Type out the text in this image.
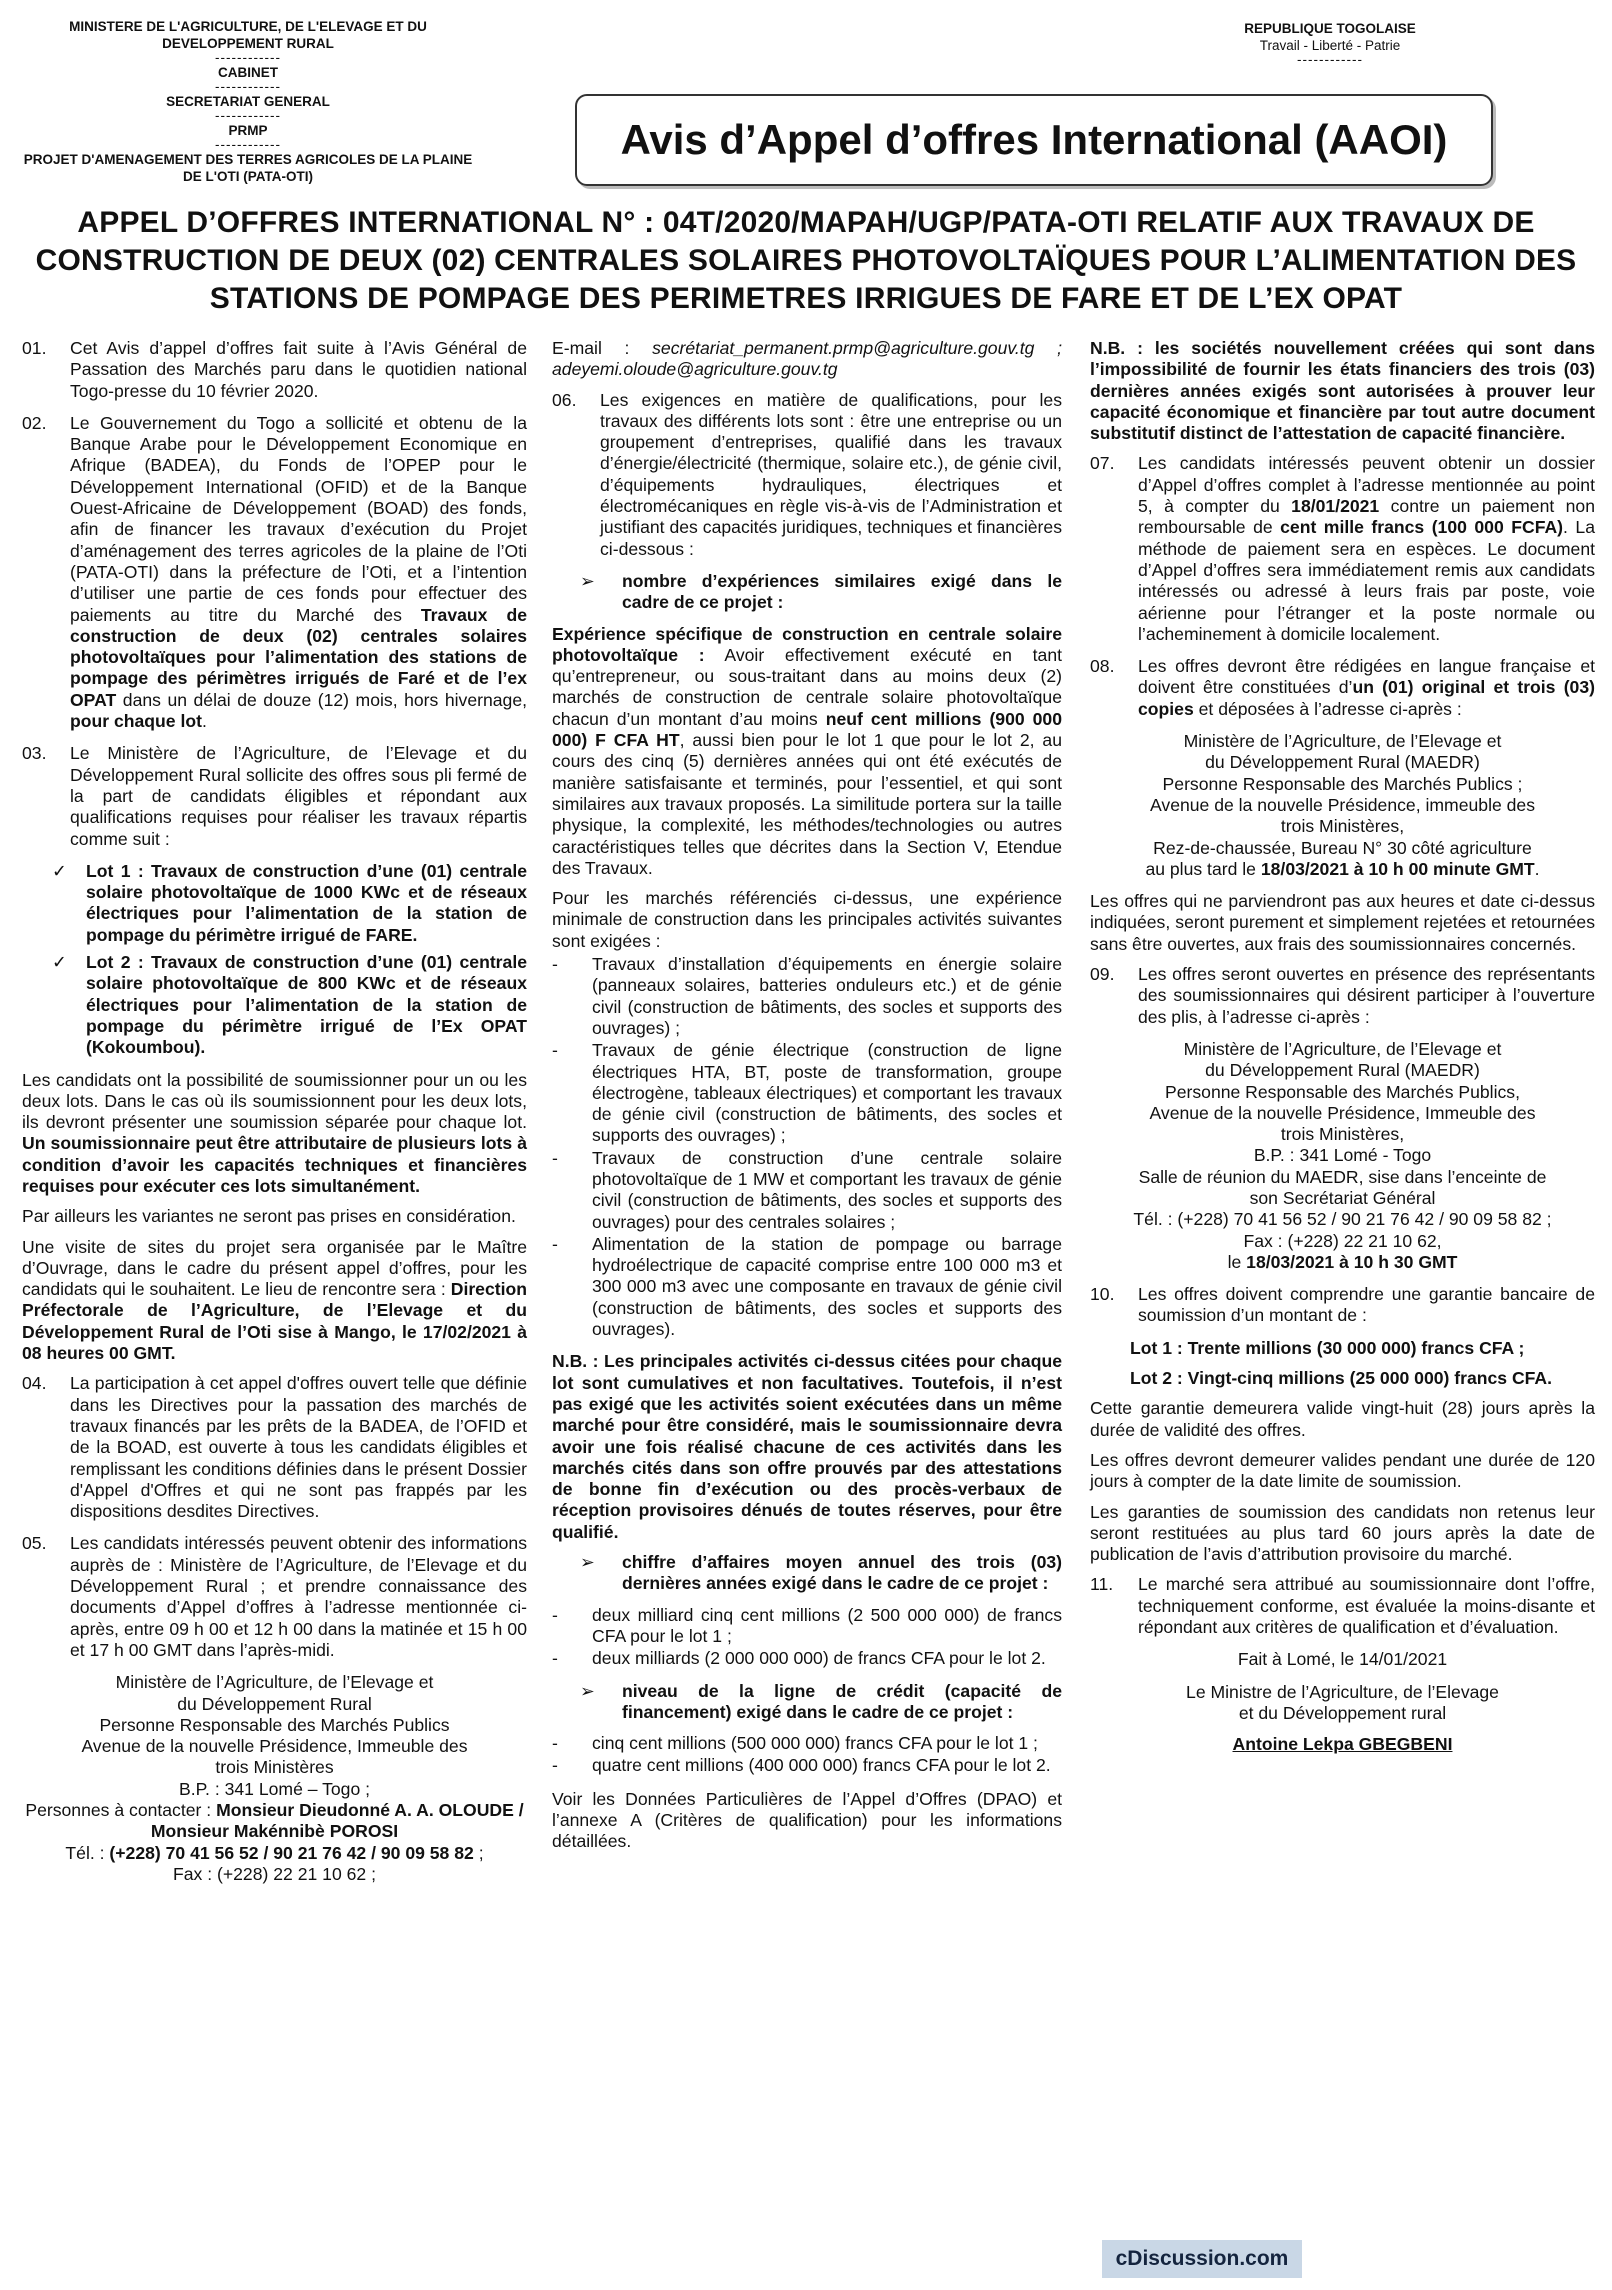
MINISTERE DE L'AGRICULTURE, DE L'ELEVAGE ET DU DEVELOPPEMENT RURAL
------------
CABINET
------------
SECRETARIAT GENERAL
------------
PRMP
------------
PROJET D'AMENAGEMENT DES TERRES AGRICOLES DE LA PLAINE DE L'OTI (PATA-OTI)
REPUBLIQUE TOGOLAISE
Travail - Liberté - Patrie
------------
Avis d’Appel d’offres International (AAOI)
APPEL D’OFFRES INTERNATIONAL N° : 04T/2020/MAPAH/UGP/PATA-OTI RELATIF AUX TRAVAUX DE CONSTRUCTION DE DEUX (02) CENTRALES SOLAIRES PHOTOVOLTAÏQUES POUR L’ALIMENTATION DES STATIONS DE POMPAGE DES PERIMETRES IRRIGUES DE FARE ET DE L’EX OPAT
01.	Cet Avis d’appel d’offres fait suite à l’Avis Général de Passation des Marchés paru dans le quotidien national Togo-presse du 10 février 2020.
02.	Le Gouvernement du Togo a sollicité et obtenu de la Banque Arabe pour le Développement Economique en Afrique (BADEA), du Fonds de l’OPEP pour le Développement International (OFID) et de la Banque Ouest-Africaine de Développement (BOAD) des fonds, afin de financer les travaux d’exécution du Projet d’aménagement des terres agricoles de la plaine de l’Oti (PATA-OTI) dans la préfecture de l’Oti, et a l’intention d’utiliser une partie de ces fonds pour effectuer des paiements au titre du Marché des Travaux de construction de deux (02) centrales solaires photovoltaïques pour l’alimentation des stations de pompage des périmètres irrigués de Faré et de l’ex OPAT dans un délai de douze (12) mois, hors hivernage, pour chaque lot.
03.	Le Ministère de l’Agriculture, de l’Elevage et du Développement Rural sollicite des offres sous pli fermé de la part de candidats éligibles et répondant aux qualifications requises pour réaliser les travaux répartis comme suit :
✓	Lot 1 : Travaux de construction d’une (01) centrale solaire photovoltaïque de 1000 KWc et de réseaux électriques pour l’alimentation de la station de pompage du périmètre irrigué de FARE.
✓	Lot 2 : Travaux de construction d’une (01) centrale solaire photovoltaïque de 800 KWc et de réseaux électriques pour l’alimentation de la station de pompage du périmètre irrigué de l’Ex OPAT (Kokoumbou).

Les candidats ont la possibilité de soumissionner pour un ou les deux lots. Dans le cas où ils soumissionnent pour les deux lots, ils devront présenter une soumission séparée pour chaque lot. Un soumissionnaire peut être attributaire de plusieurs lots à condition d’avoir les capacités techniques et financières requises pour exécuter ces lots simultanément.

Par ailleurs les variantes ne seront pas prises en considération.

Une visite de sites du projet sera organisée par le Maître d’Ouvrage, dans le cadre du présent appel d’offres, pour les candidats qui le souhaitent. Le lieu de rencontre sera : Direction Préfectorale de l’Agriculture, de l’Elevage et du Développement Rural de l’Oti sise à Mango, le 17/02/2021 à 08 heures 00 GMT.

04.	La participation à cet appel d'offres ouvert telle que définie dans les Directives pour la passation des marchés de travaux financés par les prêts de la BADEA, de l’OFID et de la BOAD, est ouverte à tous les candidats éligibles et remplissant les conditions définies dans le présent Dossier d'Appel d'Offres et qui ne sont pas frappés par les dispositions desdites Directives.
05.	Les candidats intéressés peuvent obtenir des informations auprès de : Ministère de l’Agriculture, de l’Elevage et du Développement Rural ; et prendre connaissance des documents d’Appel d’offres à l’adresse mentionnée ci-après, entre 09 h 00 et 12 h 00 dans la matinée et 15 h 00 et 17 h 00 GMT dans l’après-midi.
Ministère de l’Agriculture, de l’Elevage et
du Développement Rural
Personne Responsable des Marchés Publics
Avenue de la nouvelle Présidence, Immeuble des
trois Ministères
B.P. : 341 Lomé – Togo ;
Personnes à contacter : Monsieur Dieudonné A. A. OLOUDE / Monsieur Makénnibè POROSI
Tél. : (+228) 70 41 56 52 / 90 21 76 42 / 90 09 58 82 ;
Fax : (+228) 22 21 10 62 ;

E-mail : secrétariat_permanent.prmp@agriculture.gouv.tg ; adeyemi.oloude@agriculture.gouv.tg

06.	Les exigences en matière de qualifications, pour les travaux des différents lots sont : être une entreprise ou un groupement d’entreprises, qualifié dans les travaux d’énergie/électricité (thermique, solaire etc.), de génie civil, d’équipements hydrauliques, électriques et électromécaniques en règle vis-à-vis de l’Administration et justifiant des capacités juridiques, techniques et financières ci-dessous :
➢	nombre d’expériences similaires exigé dans le cadre de ce projet :

Expérience spécifique de construction en centrale solaire photovoltaïque : Avoir effectivement exécuté en tant qu’entrepreneur, ou sous-traitant dans au moins deux (2) marchés de construction de centrale solaire photovoltaïque chacun d’un montant d’au moins neuf cent millions (900 000 000) F CFA HT, aussi bien pour le lot 1 que pour le lot 2, au cours des cinq (5) dernières années qui ont été exécutés de manière satisfaisante et terminés, pour l’essentiel, et qui sont similaires aux travaux proposés. La similitude portera sur la taille physique, la complexité, les méthodes/technologies ou autres caractéristiques telles que décrites dans la Section V, Etendue des Travaux.

Pour les marchés référenciés ci-dessus, une expérience minimale de construction dans les principales activités suivantes sont exigées :

-	Travaux d’installation d’équipements en énergie solaire (panneaux solaires, batteries onduleurs etc.) et de génie civil (construction de bâtiments, des socles et supports des ouvrages) ;
-	Travaux de génie électrique (construction de ligne électriques HTA, BT, poste de transformation, groupe électrogène, tableaux électriques) et comportant les travaux de génie civil (construction de bâtiments, des socles et supports des ouvrages) ;
-	Travaux de construction d’une centrale solaire photovoltaïque de 1 MW et comportant les travaux de génie civil (construction de bâtiments, des socles et supports des ouvrages) pour des centrales solaires ;
-	Alimentation de la station de pompage ou barrage hydroélectrique de capacité comprise entre 100 000 m3 et 300 000 m3 avec une composante en travaux de génie civil (construction de bâtiments, des socles et supports des ouvrages).

N.B. : Les principales activités ci-dessus citées pour chaque lot sont cumulatives et non facultatives. Toutefois, il n’est pas exigé que les activités soient exécutées dans un même marché pour être considéré, mais le soumissionnaire devra avoir une fois réalisé chacune de ces activités dans les marchés cités dans son offre prouvés par des attestations de bonne fin d’exécution ou des procès-verbaux de réception provisoires dénués de toutes réserves, pour être qualifié.

➢	chiffre d’affaires moyen annuel des trois (03) dernières années exigé dans le cadre de ce projet :
-	deux milliard cinq cent millions (2 500 000 000) de francs CFA pour le lot 1 ;
-	deux milliards (2 000 000 000) de francs CFA pour le lot 2.
➢	niveau de la ligne de crédit (capacité de financement) exigé dans le cadre de ce projet :
-	cinq cent millions (500 000 000) francs CFA pour le lot 1 ;
-	quatre cent millions (400 000 000) francs CFA pour le lot 2.

Voir les Données Particulières de l’Appel d’Offres (DPAO) et l’annexe A (Critères de qualification) pour les informations détaillées.

N.B. : les sociétés nouvellement créées qui sont dans l’impossibilité de fournir les états financiers des trois (03) dernières années exigés sont autorisées à prouver leur capacité économique et financière par tout autre document substitutif distinct de l’attestation de capacité financière.

07.	Les candidats intéressés peuvent obtenir un dossier d’Appel d’offres complet à l’adresse mentionnée au point 5, à compter du 18/01/2021 contre un paiement non remboursable de cent mille francs (100 000 FCFA). La méthode de paiement sera en espèces. Le document d’Appel d’offres sera immédiatement remis aux candidats intéressés ou adressé à leurs frais par poste, voie aérienne pour l’étranger et la poste normale ou l’acheminement à domicile localement.
08.	Les offres devront être rédigées en langue française et doivent être constituées d’un (01) original et trois (03) copies et déposées à l’adresse ci-après :
Ministère de l’Agriculture, de l’Elevage et
du Développement Rural (MAEDR)
Personne Responsable des Marchés Publics ;
Avenue de la nouvelle Présidence, immeuble des
trois Ministères,
Rez-de-chaussée, Bureau N° 30 côté agriculture
au plus tard le 18/03/2021 à 10 h 00 minute GMT.

Les offres qui ne parviendront pas aux heures et date ci-dessus indiquées, seront purement et simplement rejetées et retournées sans être ouvertes, aux frais des soumissionnaires concernés.

09.	Les offres seront ouvertes en présence des représentants des soumissionnaires qui désirent participer à l’ouverture des plis, à l’adresse ci-après :
Ministère de l’Agriculture, de l’Elevage et
du Développement Rural (MAEDR)
Personne Responsable des Marchés Publics,
Avenue de la nouvelle Présidence, Immeuble des
trois Ministères,
B.P. : 341 Lomé - Togo
Salle de réunion du MAEDR, sise dans l’enceinte de
son Secrétariat Général
Tél. : (+228) 70 41 56 52 / 90 21 76 42 / 90 09 58 82 ;
Fax : (+228) 22 21 10 62,
le 18/03/2021 à 10 h 30 GMT
10.	Les offres doivent comprendre une garantie bancaire de soumission d’un montant de :

Lot 1 : Trente millions (30 000 000) francs CFA ;

Lot 2 : Vingt-cinq millions (25 000 000) francs CFA.

Cette garantie demeurera valide vingt-huit (28) jours après la durée de validité des offres.

Les offres devront demeurer valides pendant une durée de 120 jours à compter de la date limite de soumission.

Les garanties de soumission des candidats non retenus leur seront restituées au plus tard 60 jours après la date de publication de l’avis d’attribution provisoire du marché.

11.	Le marché sera attribué au soumissionnaire dont l’offre, techniquement conforme, est évaluée la moins-disante et répondant aux critères de qualification et d’évaluation.
Fait à Lomé, le 14/01/2021
Le Ministre de l’Agriculture, de l’Elevage
et du Développement rural
Antoine Lekpa GBEGBENI
cDiscussion.com
